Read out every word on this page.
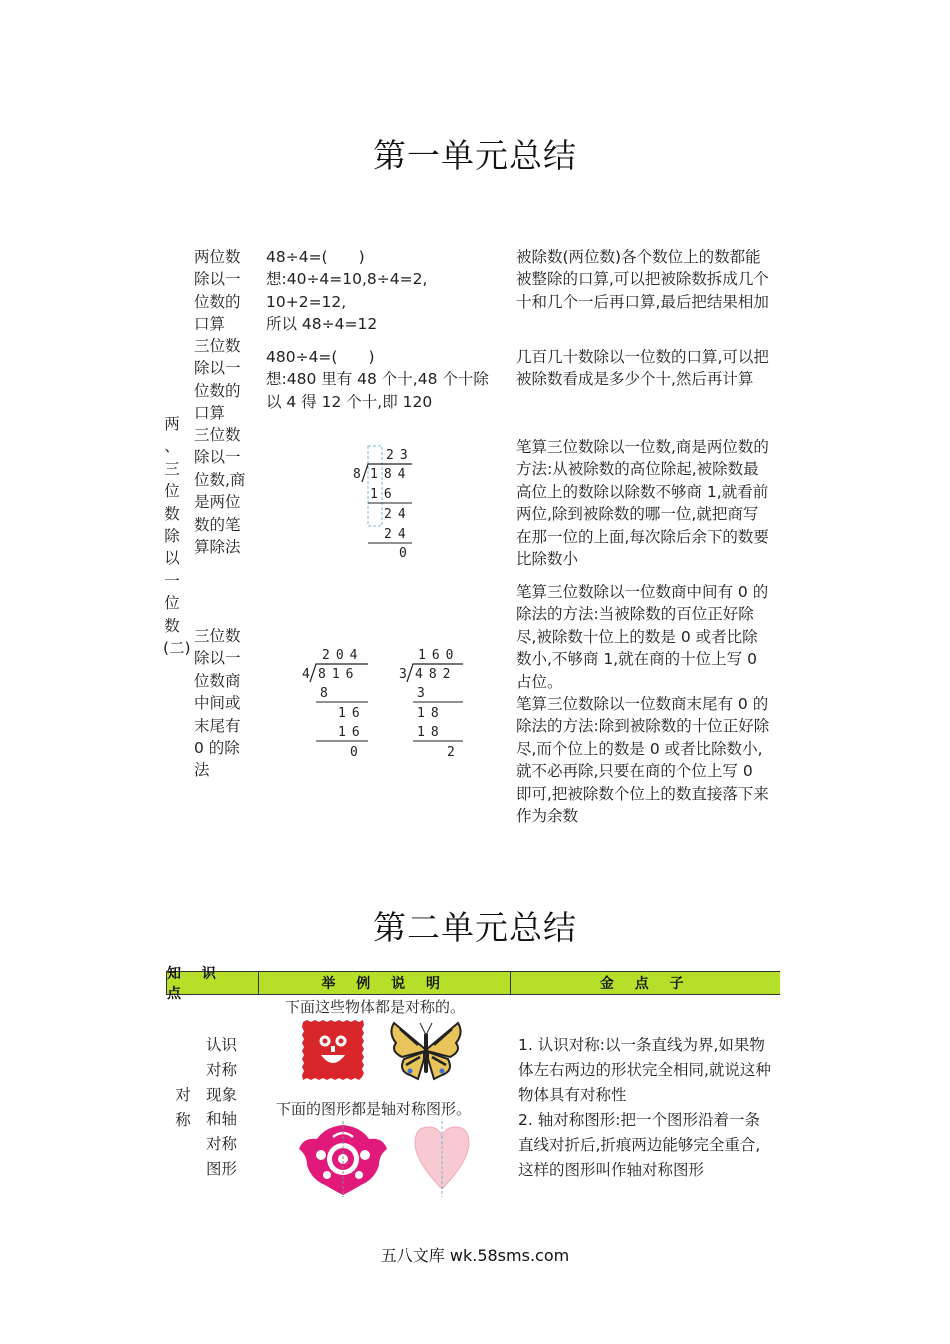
第一单元总结
两
、
三
位
数
除
以
一
位
数
(二)
两位数除以一位数的口算
三位数除以一位数的口算
三位数除以一位数,商是两位数的笔算除法
三位数除以一位数商中间或末尾有 0 的除法
48÷4=(　　)
想:40÷4=10,8÷4=2,
10+2=12,
所以 48÷4=12
480÷4=(　　)
想:480 里有 48 个十,48 个十除以 4 得 12 个十,即 120
23
8 184
16
24
24
0
204
4 816
8
16
16
0
160
3 482
3
18
18
2
被除数(两位数)各个数位上的数都能被整除的口算,可以把被除数拆成几个十和几个一后再口算,最后把结果相加
几百几十数除以一位数的口算,可以把被除数看成是多少个十,然后再计算
笔算三位数除以一位数,商是两位数的方法:从被除数的高位除起,被除数最高位上的数除以除数不够商 1,就看前两位,除到被除数的哪一位,就把商写在那一位的上面,每次除后余下的数要比除数小
笔算三位数除以一位数商中间有 0 的除法的方法:当被除数的百位正好除尽,被除数十位上的数是 0 或者比除数小,不够商 1,就在商的十位上写 0 占位。
笔算三位数除以一位数商末尾有 0 的除法的方法:除到被除数的十位正好除尽,而个位上的数是 0 或者比除数小,就不必再除,只要在商的个位上写 0 即可,把被除数个位上的数直接落下来作为余数
第二单元总结
知 识 点
举 例 说 明	金 点 子
对
称
认识对称现象和轴对称图形
下面这些物体都是对称的。
下面的图形都是轴对称图形。
1. 认识对称:以一条直线为界,如果物体左右两边的形状完全相同,就说这种物体具有对称性
2. 轴对称图形:把一个图形沿着一条直线对折后,折痕两边能够完全重合,这样的图形叫作轴对称图形
五八文库 wk.58sms.com
